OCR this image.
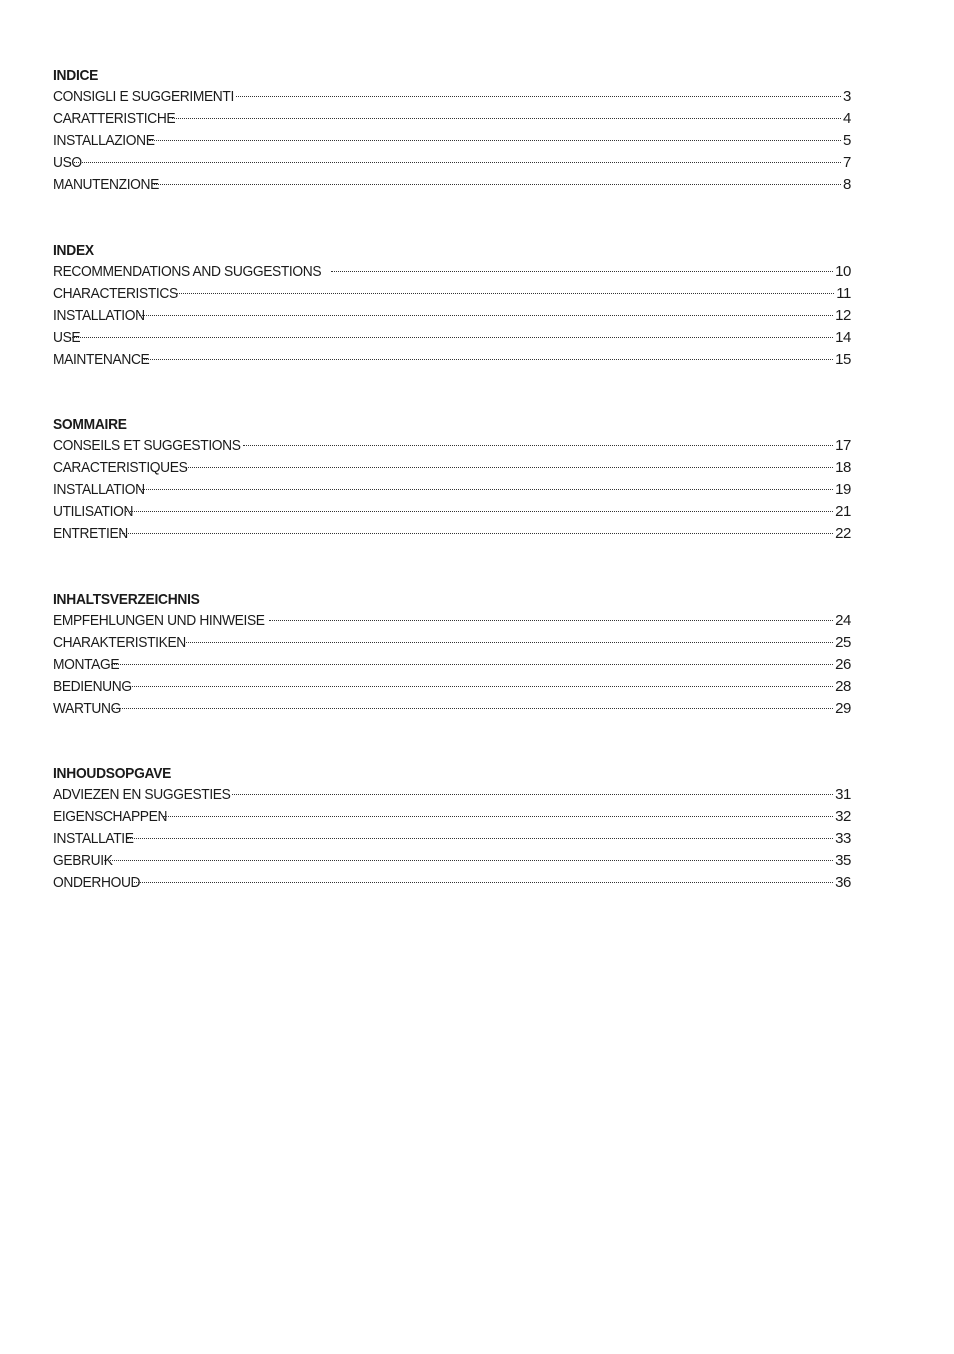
INDICE
CONSIGLI E SUGGERIMENTI	3
CARATTERISTICHE	4
INSTALLAZIONE	5
USO	7
MANUTENZIONE	8
INDEX
RECOMMENDATIONS AND SUGGESTIONS	10
CHARACTERISTICS	11
INSTALLATION	12
USE	14
MAINTENANCE	15
SOMMAIRE
CONSEILS ET SUGGESTIONS	17
CARACTERISTIQUES	18
INSTALLATION	19
UTILISATION	21
ENTRETIEN	22
INHALTSVERZEICHNIS
EMPFEHLUNGEN UND HINWEISE	24
CHARAKTERISTIKEN	25
MONTAGE	26
BEDIENUNG	28
WARTUNG	29
INHOUDSOPGAVE
ADVIEZEN EN SUGGESTIES	31
EIGENSCHAPPEN	32
INSTALLATIE	33
GEBRUIK	35
ONDERHOUD	36
